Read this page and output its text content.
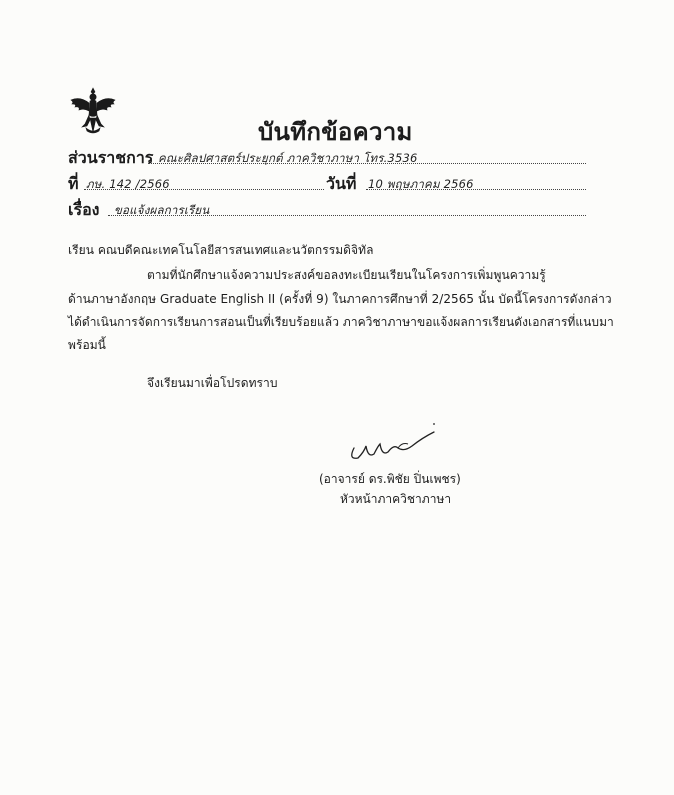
บันทึกข้อความ
ส่วนราชการ คณะศิลปศาสตร์ประยุกต์ ภาควิชาภาษา โทร.3536
ที่ ภษ. 142 /2566	วันที่ 10 พฤษภาคม 2566
เรื่อง ขอแจ้งผลการเรียน
เรียน คณบดีคณะเทคโนโลยีสารสนเทศและนวัตกรรมดิจิทัล
ตามที่นักศึกษาแจ้งความประสงค์ขอลงทะเบียนเรียนในโครงการเพิ่มพูนความรู้
ด้านภาษาอังกฤษ Graduate English II (ครั้งที่ 9) ในภาคการศึกษาที่ 2/2565 นั้น บัดนี้โครงการดังกล่าว
ได้ดำเนินการจัดการเรียนการสอนเป็นที่เรียบร้อยแล้ว ภาควิชาภาษาขอแจ้งผลการเรียนดังเอกสารที่แนบมา
พร้อมนี้
จึงเรียนมาเพื่อโปรดทราบ
(อาจารย์ ดร.พิชัย ปิ่นเพชร)
หัวหน้าภาควิชาภาษา
